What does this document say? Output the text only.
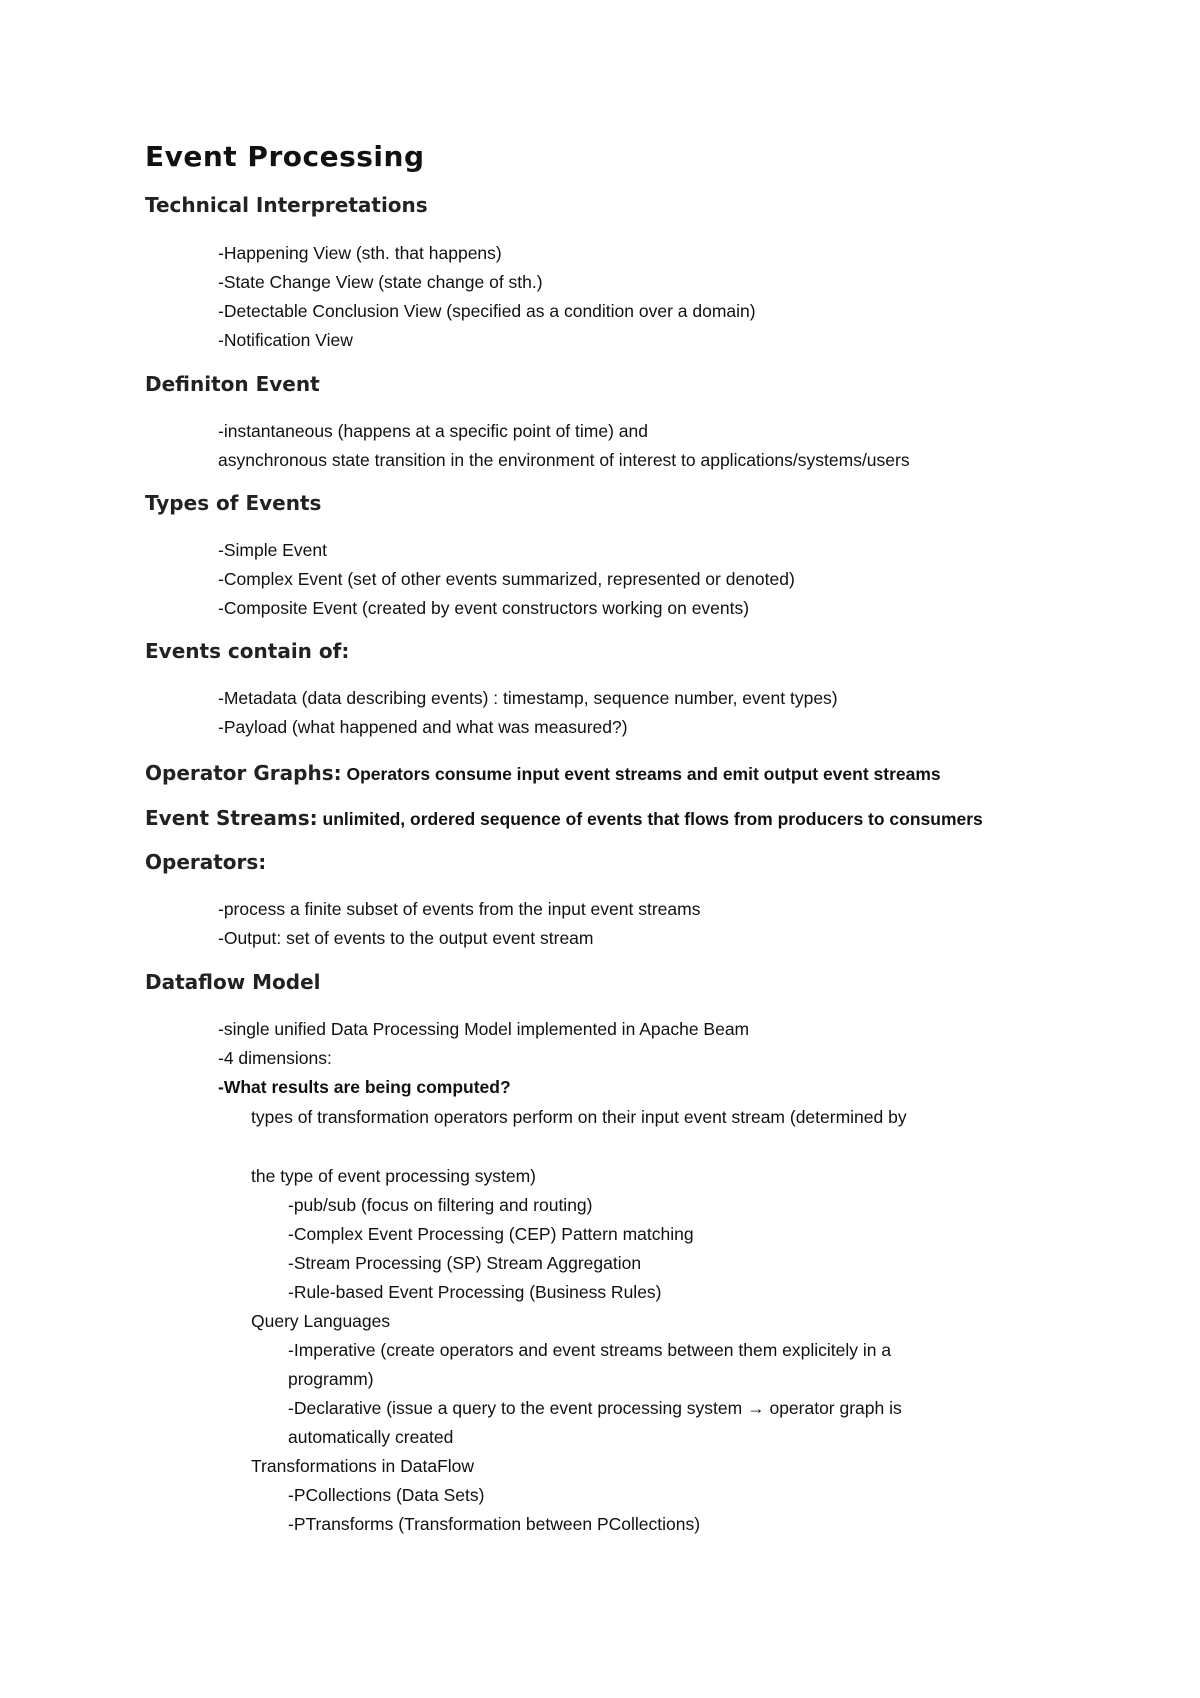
Event Processing
Technical Interpretations

-Happening View (sth. that happens)

-State Change View (state change of sth.)

-Detectable Conclusion View (specified as a condition over a domain)

-Notification View

Definiton Event

-instantaneous (happens at a specific point of time) and

asynchronous state transition in the environment of interest to applications/systems/users

Types of Events

-Simple Event

-Complex Event (set of other events summarized, represented or denoted)

-Composite Event (created by event constructors working on events)

Events contain of:

-Metadata (data describing events) : timestamp, sequence number, event types)

-Payload (what happened and what was measured?)

Operator Graphs: Operators consume input event streams and emit output event streams
Event Streams: unlimited, ordered sequence of events that flows from producers to consumers
Operators:

-process a finite subset of events from the input event streams

-Output: set of events to the output event stream

Dataflow Model

-single unified Data Processing Model implemented in Apache Beam

-4 dimensions:

-What results are being computed?

types of transformation operators perform on their input event stream (determined by

the type of event processing system)

-pub/sub (focus on filtering and routing)

-Complex Event Processing (CEP) Pattern matching

-Stream Processing (SP) Stream Aggregation

-Rule-based Event Processing (Business Rules)

Query Languages

-Imperative (create operators and event streams between them explicitely in a

programm)

-Declarative (issue a query to the event processing system → operator graph is

automatically created

Transformations in DataFlow

-PCollections (Data Sets)

-PTransforms (Transformation between PCollections)
